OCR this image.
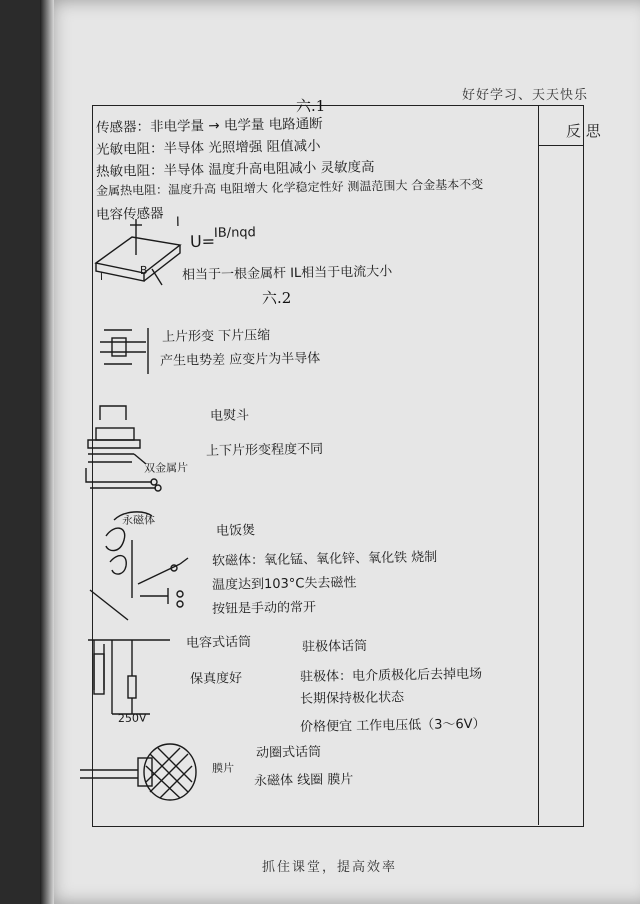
好好学习、天天快乐
反 思
六.1
传感器：非电学量 → 电学量 电路通断
光敏电阻：半导体 光照增强 阻值减小
热敏电阻：半导体 温度升高电阻减小 灵敏度高
金属热电阻：温度升高 电阻增大 化学稳定性好 测温范围大 合金基本不变
电容传感器 I
B
l
U=
IB/nqd
相当于一根金属杆 IL相当于电流大小
六.2
上片形变 下片压缩
产生电势差 应变片为半导体
电熨斗
上下片形变程度不同
双金属片
永磁体
电饭煲
软磁体：氧化锰、氧化锌、氧化铁 烧制
温度达到103°C失去磁性
按钮是手动的常开
电容式话筒
保真度好
250V
驻极体话筒
驻极体：电介质极化后去掉电场
长期保持极化状态
价格便宜 工作电压低（3～6V）
膜片
动圈式话筒
永磁体 线圈 膜片
抓住课堂，提高效率
